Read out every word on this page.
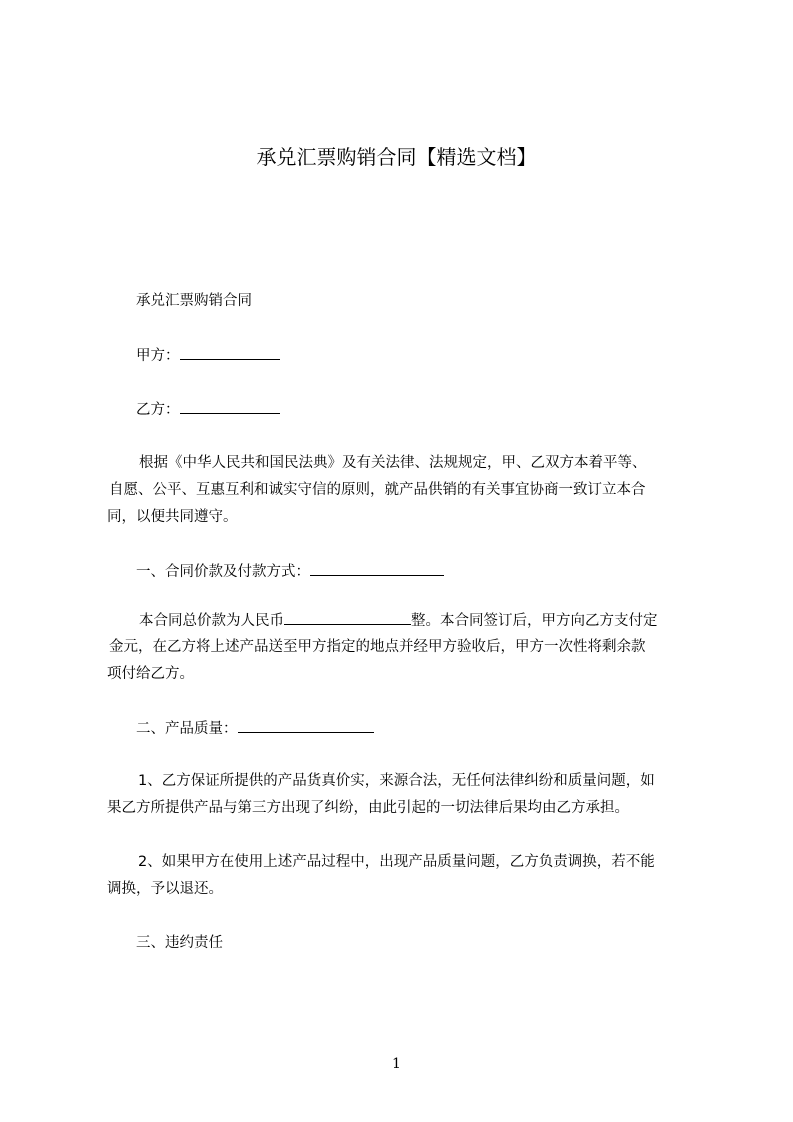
承兑汇票购销合同【精选文档】
承兑汇票购销合同
甲方：
乙方：
根据《中华人民共和国民法典》及有关法律、法规规定，甲、乙双方本着平等、
自愿、公平、互惠互利和诚实守信的原则，就产品供销的有关事宜协商一致订立本合
同，以便共同遵守。
一、合同价款及付款方式：
本合同总价款为人民币	整。本合同签订后，甲方向乙方支付定
金元，在乙方将上述产品送至甲方指定的地点并经甲方验收后，甲方一次性将剩余款
项付给乙方。
二、产品质量：
1、乙方保证所提供的产品货真价实，来源合法，无任何法律纠纷和质量问题，如
果乙方所提供产品与第三方出现了纠纷，由此引起的一切法律后果均由乙方承担。
2、如果甲方在使用上述产品过程中，出现产品质量问题，乙方负责调换，若不能
调换，予以退还。
三、违约责任
1
